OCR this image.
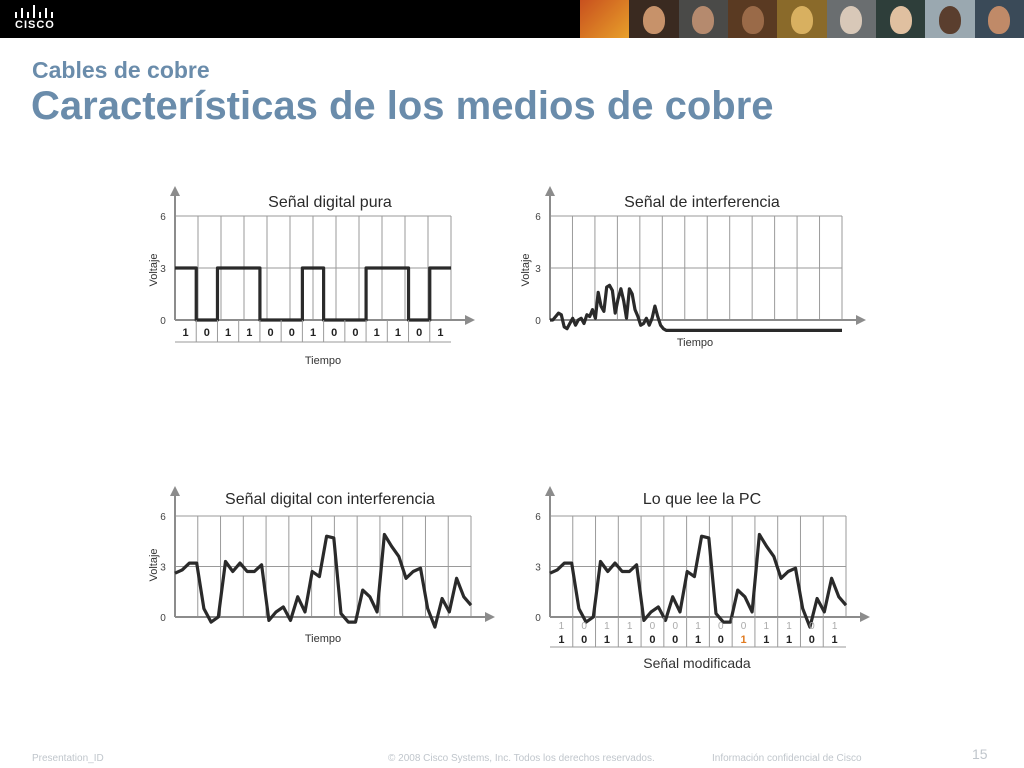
CISCO
Cables de cobre
Características de los medios de cobre
0
3
6
1 0 1 1 0 0 1 0 0 1 1 0 1
Señal digital pura
Voltaje
Tiempo
0
3
6
Señal de interferencia
Voltaje
Tiempo
0
3
6
Señal digital con interferencia
Voltaje
Tiempo
0
3
6
1 0 1 1 0 0 1 0 0 1 1 0 1
1 0 1 1 0 0 1 0 1 1 1 0 1
Lo que lee la PC
Señal modificada
Presentation_ID	© 2008 Cisco Systems, Inc. Todos los derechos reservados.	Información confidencial de Cisco	15
